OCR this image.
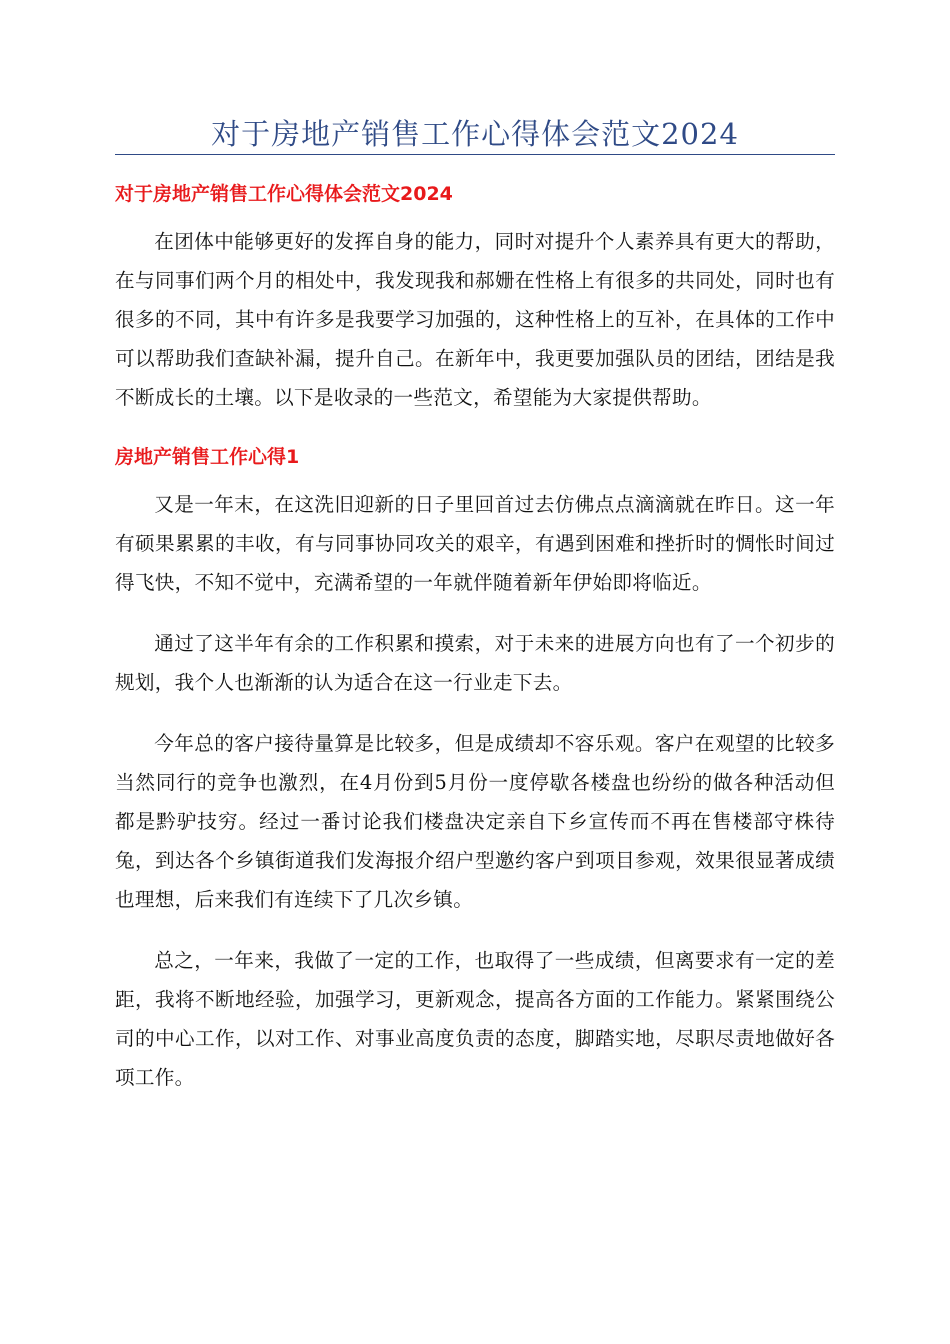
对于房地产销售工作心得体会范文2024
对于房地产销售工作心得体会范文2024

在团体中能够更好的发挥自身的能力，同时对提升个人素养具有更大的帮助，在与同事们两个月的相处中，我发现我和郝姗在性格上有很多的共同处，同时也有很多的不同，其中有许多是我要学习加强的，这种性格上的互补，在具体的工作中可以帮助我们查缺补漏，提升自己。在新年中，我更要加强队员的团结，团结是我不断成长的土壤。以下是收录的一些范文，希望能为大家提供帮助。

房地产销售工作心得1

又是一年末，在这洗旧迎新的日子里回首过去仿佛点点滴滴就在昨日。这一年有硕果累累的丰收，有与同事协同攻关的艰辛，有遇到困难和挫折时的惆怅时间过得飞快，不知不觉中，充满希望的一年就伴随着新年伊始即将临近。

通过了这半年有余的工作积累和摸索，对于未来的进展方向也有了一个初步的规划，我个人也渐渐的认为适合在这一行业走下去。

今年总的客户接待量算是比较多，但是成绩却不容乐观。客户在观望的比较多当然同行的竞争也激烈，在4月份到5月份一度停歇各楼盘也纷纷的做各种活动但都是黔驴技穷。经过一番讨论我们楼盘决定亲自下乡宣传而不再在售楼部守株待兔，到达各个乡镇街道我们发海报介绍户型邀约客户到项目参观，效果很显著成绩也理想，后来我们有连续下了几次乡镇。

总之，一年来，我做了一定的工作，也取得了一些成绩，但离要求有一定的差距，我将不断地经验，加强学习，更新观念，提高各方面的工作能力。紧紧围绕公司的中心工作，以对工作、对事业高度负责的态度，脚踏实地，尽职尽责地做好各项工作。
